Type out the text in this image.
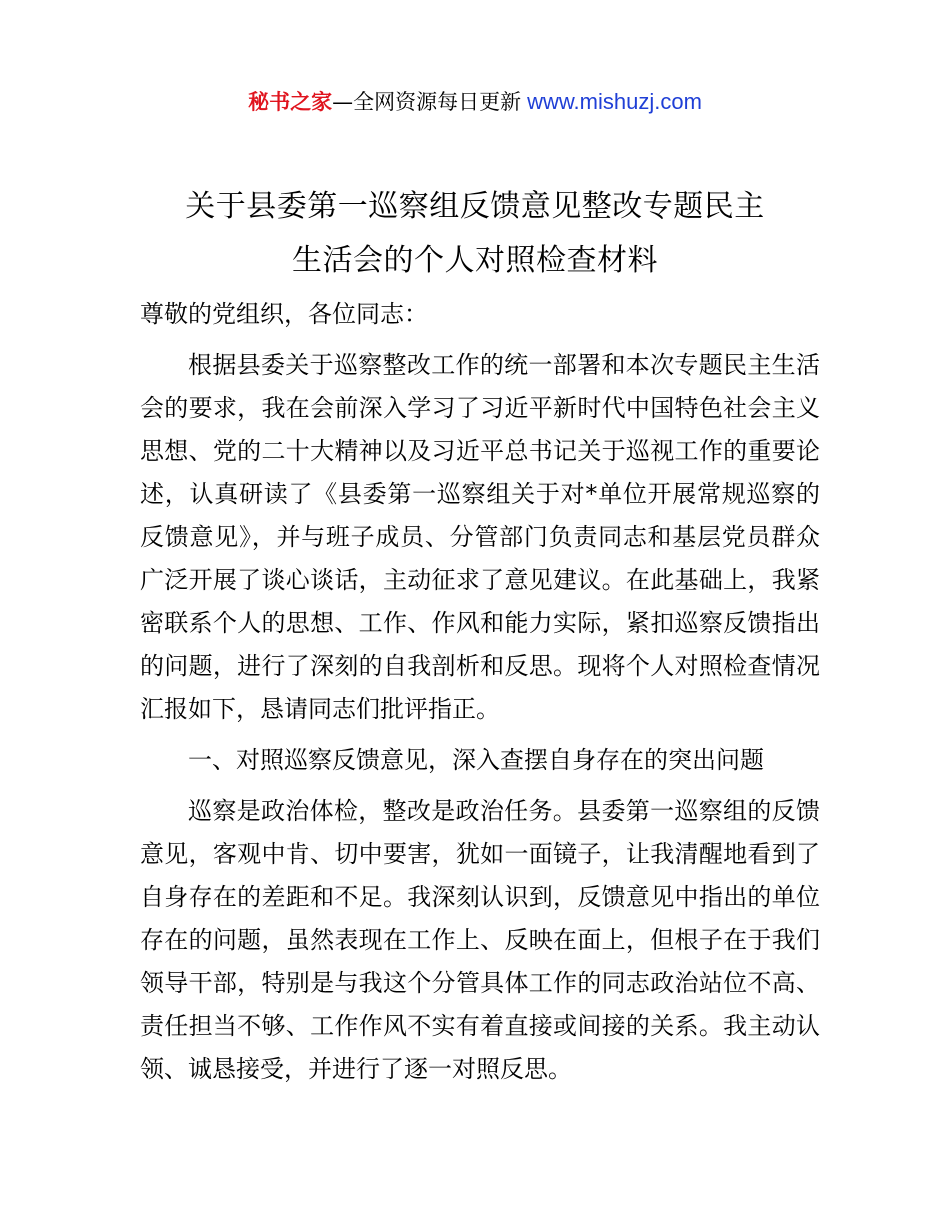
秘书之家—全网资源每日更新 www.mishuzj.com
关于县委第一巡察组反馈意见整改专题民主
生活会的个人对照检查材料
尊敬的党组织，各位同志：

根据县委关于巡察整改工作的统一部署和本次专题民主生活会的要求，我在会前深入学习了习近平新时代中国特色社会主义思想、党的二十大精神以及习近平总书记关于巡视工作的重要论述，认真研读了《县委第一巡察组关于对*单位开展常规巡察的反馈意见》，并与班子成员、分管部门负责同志和基层党员群众广泛开展了谈心谈话，主动征求了意见建议。在此基础上，我紧密联系个人的思想、工作、作风和能力实际，紧扣巡察反馈指出的问题，进行了深刻的自我剖析和反思。现将个人对照检查情况汇报如下，恳请同志们批评指正。

一、对照巡察反馈意见，深入查摆自身存在的突出问题

巡察是政治体检，整改是政治任务。县委第一巡察组的反馈意见，客观中肯、切中要害，犹如一面镜子，让我清醒地看到了自身存在的差距和不足。我深刻认识到，反馈意见中指出的单位存在的问题，虽然表现在工作上、反映在面上，但根子在于我们领导干部，特别是与我这个分管具体工作的同志政治站位不高、责任担当不够、工作作风不实有着直接或间接的关系。我主动认领、诚恳接受，并进行了逐一对照反思。
